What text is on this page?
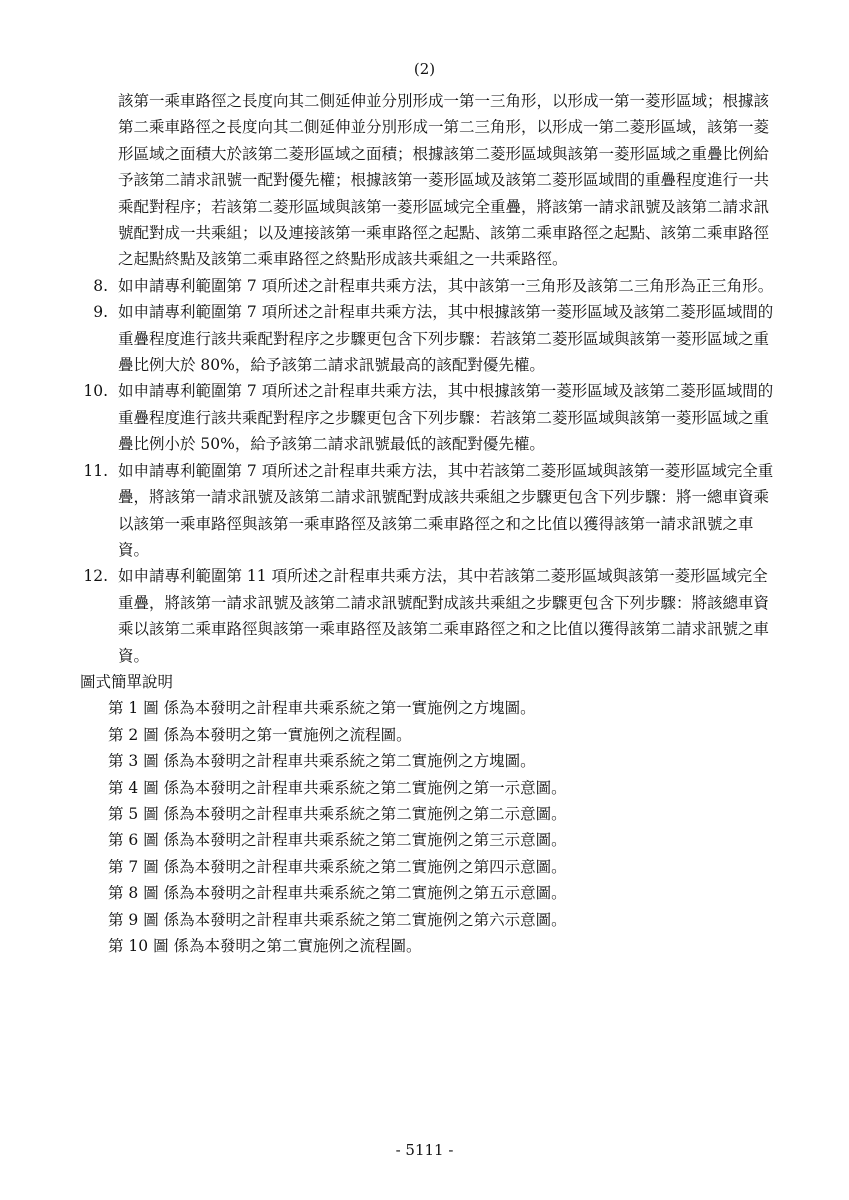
(2)

該第一乘車路徑之長度向其二側延伸並分別形成一第一三角形，以形成一第一菱形區域；根據該第二乘車路徑之長度向其二側延伸並分別形成一第二三角形，以形成一第二菱形區域，該第一菱形區域之面積大於該第二菱形區域之面積；根據該第二菱形區域與該第一菱形區域之重疊比例給予該第二請求訊號一配對優先權；根據該第一菱形區域及該第二菱形區域間的重疊程度進行一共乘配對程序；若該第二菱形區域與該第一菱形區域完全重疊，將該第一請求訊號及該第二請求訊號配對成一共乘組；以及連接該第一乘車路徑之起點、該第二乘車路徑之起點、該第二乘車路徑之起點終點及該第二乘車路徑之終點形成該共乘組之一共乘路徑。

8. 如申請專利範圍第 7 項所述之計程車共乘方法，其中該第一三角形及該第二三角形為正三角形。
9. 如申請專利範圍第 7 項所述之計程車共乘方法，其中根據該第一菱形區域及該第二菱形區域間的重疊程度進行該共乘配對程序之步驟更包含下列步驟：若該第二菱形區域與該第一菱形區域之重疊比例大於 80%，給予該第二請求訊號最高的該配對優先權。
10. 如申請專利範圍第 7 項所述之計程車共乘方法，其中根據該第一菱形區域及該第二菱形區域間的重疊程度進行該共乘配對程序之步驟更包含下列步驟：若該第二菱形區域與該第一菱形區域之重疊比例小於 50%，給予該第二請求訊號最低的該配對優先權。
11. 如申請專利範圍第 7 項所述之計程車共乘方法，其中若該第二菱形區域與該第一菱形區域完全重疊，將該第一請求訊號及該第二請求訊號配對成該共乘組之步驟更包含下列步驟：將一總車資乘以該第一乘車路徑與該第一乘車路徑及該第二乘車路徑之和之比值以獲得該第一請求訊號之車資。
12. 如申請專利範圍第 11 項所述之計程車共乘方法，其中若該第二菱形區域與該第一菱形區域完全重疊，將該第一請求訊號及該第二請求訊號配對成該共乘組之步驟更包含下列步驟：將該總車資乘以該第二乘車路徑與該第一乘車路徑及該第二乘車路徑之和之比值以獲得該第二請求訊號之車資。

圖式簡單說明

第 1 圖 係為本發明之計程車共乘系統之第一實施例之方塊圖。

第 2 圖 係為本發明之第一實施例之流程圖。

第 3 圖 係為本發明之計程車共乘系統之第二實施例之方塊圖。

第 4 圖 係為本發明之計程車共乘系統之第二實施例之第一示意圖。

第 5 圖 係為本發明之計程車共乘系統之第二實施例之第二示意圖。

第 6 圖 係為本發明之計程車共乘系統之第二實施例之第三示意圖。

第 7 圖 係為本發明之計程車共乘系統之第二實施例之第四示意圖。

第 8 圖 係為本發明之計程車共乘系統之第二實施例之第五示意圖。

第 9 圖 係為本發明之計程車共乘系統之第二實施例之第六示意圖。

第 10 圖 係為本發明之第二實施例之流程圖。

- 5111 -
